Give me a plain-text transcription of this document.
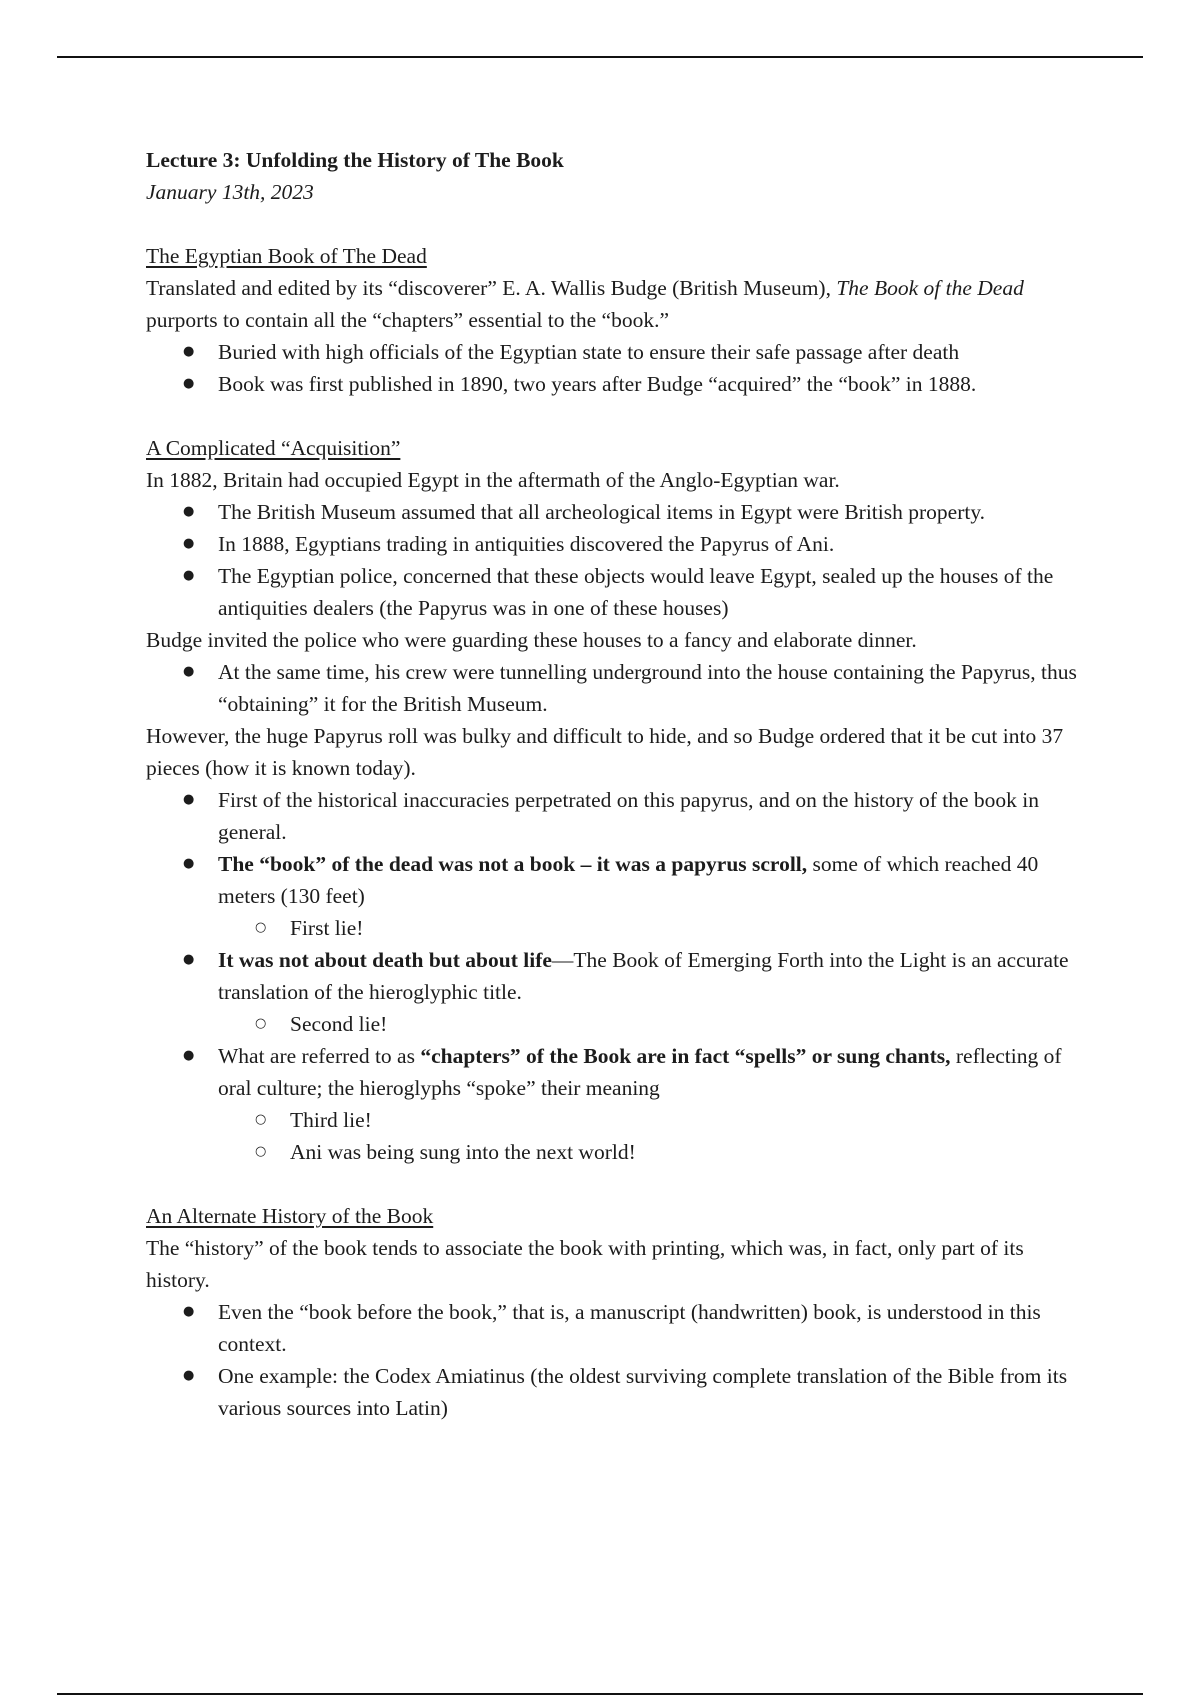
Lecture 3: Unfolding the History of The Book
January 13th, 2023
The Egyptian Book of The Dead
Translated and edited by its “discoverer” E. A. Wallis Budge (British Museum), The Book of the Dead purports to contain all the “chapters” essential to the “book.”
● Buried with high officials of the Egyptian state to ensure their safe passage after death
● Book was first published in 1890, two years after Budge “acquired” the “book” in 1888.
A Complicated “Acquisition”
In 1882, Britain had occupied Egypt in the aftermath of the Anglo-Egyptian war.
● The British Museum assumed that all archeological items in Egypt were British property.
● In 1888, Egyptians trading in antiquities discovered the Papyrus of Ani.
● The Egyptian police, concerned that these objects would leave Egypt, sealed up the houses of the antiquities dealers (the Papyrus was in one of these houses)
Budge invited the police who were guarding these houses to a fancy and elaborate dinner.
● At the same time, his crew were tunnelling underground into the house containing the Papyrus, thus “obtaining” it for the British Museum.
However, the huge Papyrus roll was bulky and difficult to hide, and so Budge ordered that it be cut into 37 pieces (how it is known today).
● First of the historical inaccuracies perpetrated on this papyrus, and on the history of the book in general.
● The “book” of the dead was not a book – it was a papyrus scroll, some of which reached 40 meters (130 feet)
○ First lie!
● It was not about death but about life—The Book of Emerging Forth into the Light is an accurate translation of the hieroglyphic title.
○ Second lie!
● What are referred to as “chapters” of the Book are in fact “spells” or sung chants, reflecting of oral culture; the hieroglyphs “spoke” their meaning
○ Third lie!
○ Ani was being sung into the next world!
An Alternate History of the Book
The “history” of the book tends to associate the book with printing, which was, in fact, only part of its history.
● Even the “book before the book,” that is, a manuscript (handwritten) book, is understood in this context.
● One example: the Codex Amiatinus (the oldest surviving complete translation of the Bible from its various sources into Latin)
